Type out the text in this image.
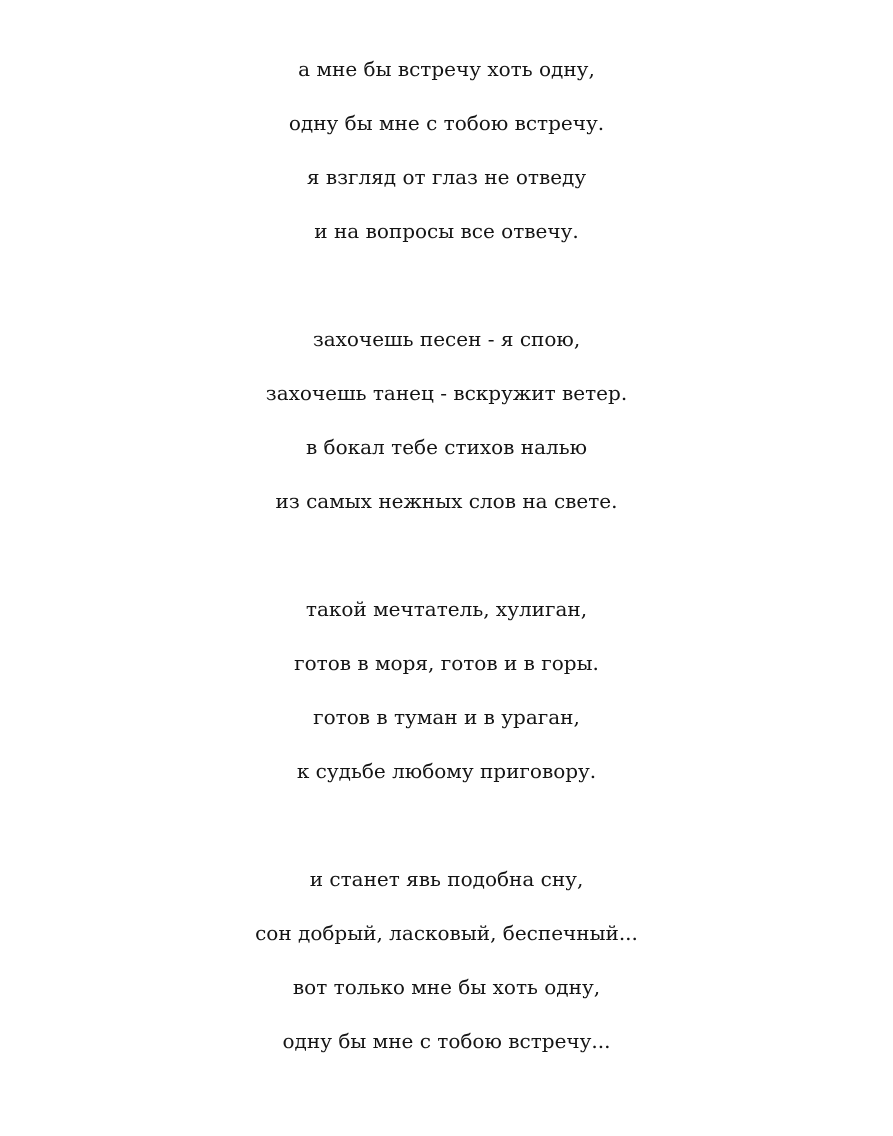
а мне бы встречу хоть одну,
одну бы мне с тобою встречу.
я взгляд от глаз не отведу
и на вопросы все отвечу.
захочешь песен - я спою,
захочешь танец - вскружит ветер.
в бокал тебе стихов налью
из самых нежных слов на свете.
такой мечтатель, хулиган,
готов в моря, готов и в горы.
готов в туман и в ураган,
к судьбе любому приговору.
и станет явь подобна сну,
сон добрый, ласковый, беспечный...
вот только мне бы хоть одну,
одну бы мне с тобою встречу...
